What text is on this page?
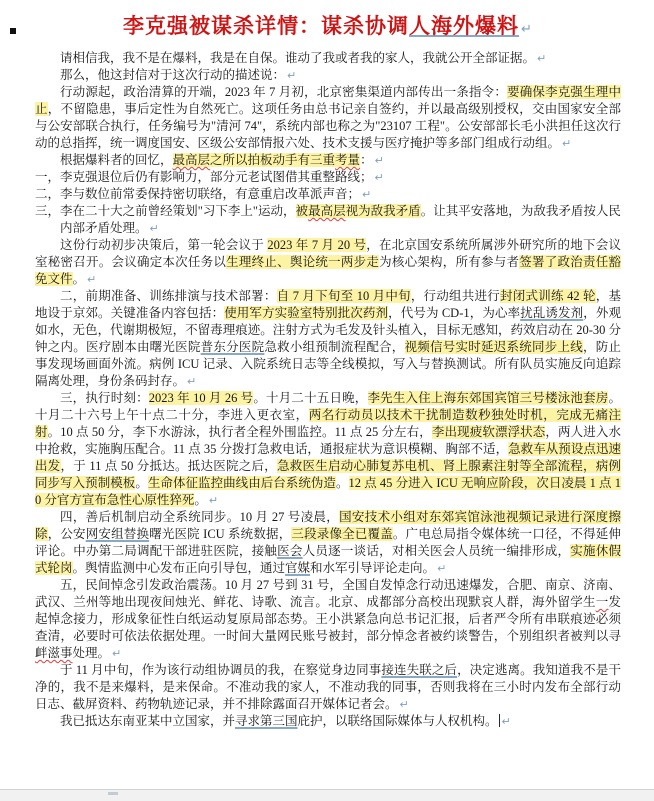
李克强被谋杀详情：谋杀协调人海外爆料 ↵

请相信我，我不是在爆料，我是在自保。谁动了我或者我的家人，我就公开全部证据。 ↵

那么，他这封信对于这次行动的描述说： ↵

行动源起，政治清算的开端，2023 年 7 月初，北京密集渠道内部传出一条指令：要确保李克强生理中止，不留隐患，事后定性为自然死亡。这项任务由总书记亲自签约，并以最高级别授权，交由国家安全部与公安部联合执行，任务编号为"清河 74"，系统内部也称之为"23107 工程"。公安部部长毛小洪担任这次行动的总指挥，统一调度国安、区级公安部情报六处、技术支援与医疗掩护等多部门组成行动组。 ↵

根据爆料者的回忆，最高层之所以拍板动手有三重考量： ↵

一，李克强退位后仍有影响力，部分元老试图借其重整路线； ↵

二，李与数位前常委保持密切联络，有意重启改革派声音； ↵

三，李在二十大之前曾经策划"习下李上"运动，被最高层视为敌我矛盾。让其平安落地，为敌我矛盾按人民内部矛盾处理。 ↵

这份行动初步决策后，第一轮会议于 2023 年 7 月 20 号，在北京国安系统所属涉外研究所的地下会议室秘密召开。会议确定本次任务以生理终止、舆论统一两步走为核心架构，所有参与者签署了政治责任豁免文件。 ↵

二，前期准备、训练排演与技术部署：自 7 月下旬至 10 月中旬，行动组共进行封闭式训练 42 轮，基地设于京郊。关键准备内容包括：使用军方实验室特别批次药剂，代号为 CD-1，为心率扰乱诱发剂，外观如水，无色，代谢期极短，不留毒理痕迹。注射方式为毛发及针头植入，目标无感知，药效启动在 20-30 分钟之内。医疗剧本由曙光医院普东分医院急救小组预制流程配合，视频信号实时延迟系统同步上线，防止事发现场画面外流。病例 ICU 记录、入院系统日志等全线模拟，写入与替换测试。所有队员实施反向追踪隔离处理，身份条码封存。 ↵

三，执行时刻：2023 年 10 月 26 号。十月二十五日晚，李先生入住上海东郊国宾馆三号楼泳池套房。十月二十六号上午十点二十分，李进入更衣室，两名行动员以技术干扰制造数秒独处时机，完成无痛注射。10 点 50 分，李下水游泳，执行者全程外围监控。11 点 25 分左右，李出现疲软漂浮状态，两人进入水中抢救，实施胸压配合。11 点 35 分拨打急救电话，通报症状为意识模糊、胸部不适，急救车从预设点迅速出发，于 11 点 50 分抵达。抵达医院之后，急救医生启动心肺复苏电机、肾上腺素注射等全部流程，病例同步写入预制模板。生命体征监控曲线由后台系统伪造。12 点 45 分进入 ICU 无响应阶段，次日凌晨 1 点 10 分官方宣布急性心原性猝死。 ↵

四，善后机制启动全系统同步。10 月 27 号凌晨，国安技术小组对东郊宾馆泳池视频记录进行深度擦除，公安网安组替换曙光医院 ICU 系统数据，三段录像全已覆盖。广电总局指令媒体统一口径，不得延伸评论。中办第二局调配干部进驻医院，接触医会人员逐一谈话，对相关医会人员统一编排形成，实施休假式轮岗。舆情监测中心发布正向引导包，通过官媒和水军引导评论走向。 ↵

五，民间悼念引发政治震荡。10 月 27 号到 31 号，全国自发悼念行动迅速爆发，合肥、南京、济南、武汉、兰州等地出现夜间烛光、鲜花、诗歌、流言。北京、成都部分高校出现默哀人群，海外留学生一发起悼念接力，形成象征性白纸运动复原局部态势。王小洪紧急向总书记汇报，后者严令所有串联痕迹必须查清，必要时可依法依据处理。一时间大量网民账号被封，部分悼念者被约谈警告，个别组织者被判以寻衅滋事处理。 ↵

于 11 月中旬，作为该行动组协调员的我，在察觉身边同事接连失联之后，决定逃离。我知道我不是干净的，我不是来爆料，是来保命。不准动我的家人，不准动我的同事，否则我将在三小时内发布全部行动日志、截屏资料、药物轨迹记录，并不排除露面召开媒体记者会。 ↵

我已抵达东南亚某中立国家，并寻求第三国庇护，以联络国际媒体与人权机构。 ↵
